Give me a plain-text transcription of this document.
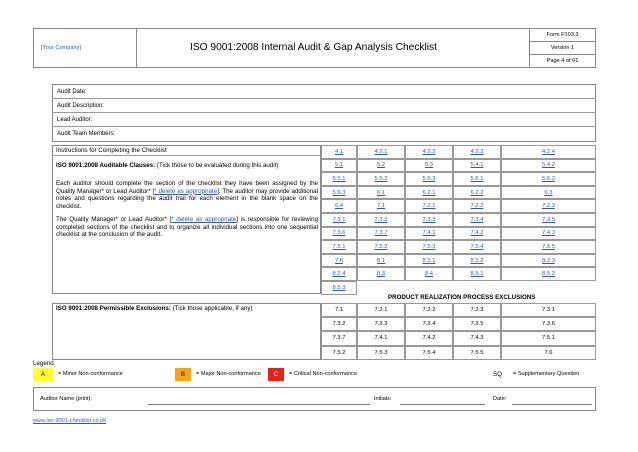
[Your Company]	ISO 9001:2008 Internal Audit & Gap Analysis Checklist
Form F103.3
Version 1
Page 4 of 61
Audit Date:
Audit Description:
Lead Auditor:
Audit Team Members:
Instructions for Completing the Checklist
ISO 9001:2008 Auditable Clauses: (Tick those to be evaluated during this audit)
Each auditor should complete the section of the checklist they have been assigned by the Quality Manager* or Lead Auditor* [* delete as appropriate]. The auditor may provide additional notes and questions regarding the audit trail for each element in the blank space on the checklist.
The Quality Manager* or Lead Auditor* [* delete as appropriate] is responsible for reviewing completed sections of the checklist and to organize all individual sections into one sequential checklist at the conclusion of the audit.
4.1	4.2.1	4.2.2	4.2.3	4.2.4
5.1	5.2	5.3	5.4.1	5.4.2
5.5.1	5.5.2	5.5.3	5.6.1	5.6.2
5.6.3	6.1	6.2.1	6.2.2	6.3
6.4	7.1	7.2.1	7.2.2	7.2.3
7.3.1	7.3.2	7.3.3	7.3.4	7.3.5
7.3.6	7.3.7	7.4.1	7.4.2	7.4.3
7.5.1	7.5.2	7.5.3	7.5.4	7.5.5
7.6	8.1	8.2.1	8.2.2	8.2.3
8.2.4	8.3	8.4	8.5.1	8.5.2
8.5.3
PRODUCT REALIZATION PROCESS EXCLUSIONS
ISO 9001:2008 Permissible Exclusions: (Tick those applicable, if any)	7.1	7.2.1	7.2.2	7.2.3	7.3.1
7.3.2	7.3.3	7.3.4	7.3.5	7.3.6
7.3.7	7.4.1	7.4.2	7.4.3	7.5.1
7.5.2	7.5.3	7.5.4	7.5.5	7.6
Legend
A	= Minor Non-conformance	B	= Major Non-conformance	C	= Critical Non-conformance	SQ = Supplementary Question
Auditor Name (print):	Initials:	Date:
www.iso-9001-checklist.co.uk
